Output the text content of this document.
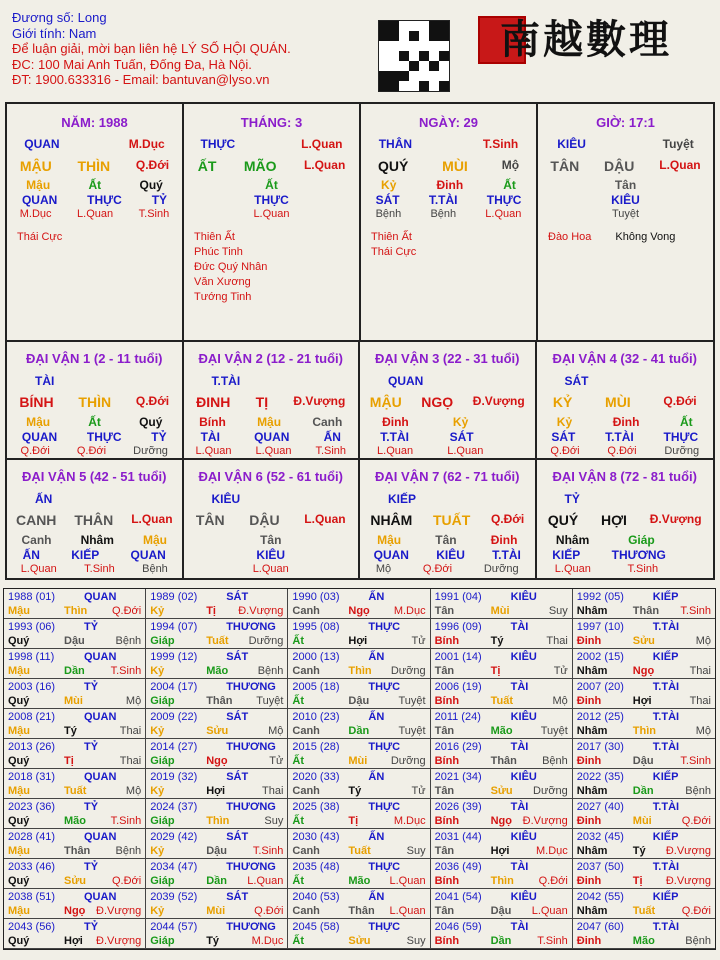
Đương số: Long
Giới tính: Nam
Để luận giải, mời bạn liên hệ LÝ SỐ HỘI QUÁN.
ĐC: 100 Mai Anh Tuấn, Đống Đa, Hà Nội.
ĐT: 1900.633316 - Email: bantuvan@lyso.vn
南越數理
NĂM: 1988
QUAN	M.Dục
MẬU THÌN Q.Đới
Mậu	Ất	Quý
QUAN THỰC TỶ
M.Dục L.Quan T.Sinh
Thái Cực
THÁNG: 3
THỰC	L.Quan
ẤT MÃO L.Quan
Ất
THỰC
L.Quan
Thiên Ất
Phúc Tinh
Đức Quý Nhân
Văn Xương
Tướng Tinh
NGÀY: 29
THÂN	T.Sinh
QUÝ MÙI	Mộ
Kỷ	Đinh	Ất
SÁT T.TÀI THỰC
Bệnh	Bệnh	L.Quan
Thiên Ất
Thái Cực
GIỜ: 17:1
KIÊU	Tuyệt
TÂN DẬU L.Quan
Tân
KIÊU
Tuyệt
Đào Hoa Không Vong
ĐẠI VẬN 1 (2 - 11 tuổi)
TÀI
BÍNH THÌN Q.Đới
Mậu	Ất	Quý
QUAN THỰC TỶ
Q.Đới Q.Đới Dưỡng
ĐẠI VẬN 2 (12 - 21 tuổi)
T.TÀI
ĐINH TỊ Đ.Vượng
Bính	Mậu	Canh
TÀI	QUAN	ẤN
L.Quan L.Quan T.Sinh
ĐẠI VẬN 3 (22 - 31 tuổi)
QUAN
MẬU NGỌ Đ.Vượng
Đinh	Kỷ
T.TÀI	SÁT
L.Quan	L.Quan
ĐẠI VẬN 4 (32 - 41 tuổi)
SÁT
KỶ MÙI	Q.Đới
Kỷ	Đinh	Ất
SÁT T.TÀI THỰC
Q.Đới	Q.Đới	Dưỡng
ĐẠI VẬN 5 (42 - 51 tuổi)
ẤN
CANH THÂN L.Quan
Canh Nhâm Mậu
ẤN	KIẾP	QUAN
L.Quan T.Sinh Bệnh
ĐẠI VẬN 6 (52 - 61 tuổi)
KIÊU
TÂN DẬU L.Quan
Tân
KIÊU
L.Quan
ĐẠI VẬN 7 (62 - 71 tuổi)
KIẾP
NHÂM TUẤT Q.Đới
Mậu	Tân	Đinh
QUAN KIÊU T.TÀI
Mộ	Q.Đới	Dưỡng
ĐẠI VẬN 8 (72 - 81 tuổi)
TỶ
QUÝ HỢI Đ.Vượng
Nhâm	Giáp
KIẾP	THƯƠNG
L.Quan	T.Sinh
1988 (01)	QUAN
Mậu	Thìn Q.Đới
1989 (02)	SÁT
Kỷ	Tị Đ.Vượng
1990 (03)	ẤN
Canh	Ngọ M.Dục
1991 (04)	KIÊU
Tân	Mùi	Suy
1992 (05)	KIẾP
Nhâm Thân T.Sinh
1993 (06)	TỶ
Quý	Dậu	Bệnh
1994 (07)	THƯƠNG
Giáp	Tuất Dưỡng
1995 (08)	THỰC
Ất	Hợi	Tử
1996 (09)	TÀI
Bính	Tý	Thai
1997 (10)	T.TÀI
Đinh	Sửu	Mộ
1998 (11)	QUAN
Mậu	Dần T.Sinh
1999 (12)	SÁT
Kỷ	Mão	Bệnh
2000 (13)	ẤN
Canh	Thìn Dưỡng
2001 (14)	KIÊU
Tân	Tị	Tử
2002 (15)	KIẾP
Nhâm Ngọ	Thai
2003 (16)	TỶ
Quý	Mùi	Mộ
2004 (17)	THƯƠNG
Giáp	Thân Tuyệt
2005 (18)	THỰC
Ất	Dậu	Tuyệt
2006 (19)	TÀI
Bính	Tuất	Mộ
2007 (20)	T.TÀI
Đinh	Hợi	Thai
2008 (21)	QUAN
Mậu	Tý	Thai
2009 (22)	SÁT
Kỷ	Sửu	Mộ
2010 (23)	ẤN
Canh	Dần	Tuyệt
2011 (24)	KIÊU
Tân	Mão	Tuyệt
2012 (25)	T.TÀI
Nhâm Thìn	Mộ
2013 (26)	TỶ
Quý	Tị	Thai
2014 (27)	THƯƠNG
Giáp	Ngọ	Tử
2015 (28)	THỰC
Ất	Mùi Dưỡng
2016 (29)	TÀI
Bính	Thân Bệnh
2017 (30)	T.TÀI
Đinh	Dậu T.Sinh
2018 (31)	QUAN
Mậu	Tuất	Mộ
2019 (32)	SÁT
Kỷ	Hợi	Thai
2020 (33)	ẤN
Canh	Tý	Tử
2021 (34)	KIÊU
Tân	Sửu Dưỡng
2022 (35)	KIẾP
Nhâm Dần	Bệnh
2023 (36)	TỶ
Quý	Mão T.Sinh
2024 (37)	THƯƠNG
Giáp	Thìn	Suy
2025 (38)	THỰC
Ất	Tị	M.Dục
2026 (39)	TÀI
Bính	Ngọ Đ.Vượng
2027 (40)	T.TÀI
Đinh	Mùi	Q.Đới
2028 (41)	QUAN
Mậu	Thân Bệnh
2029 (42)	SÁT
Kỷ	Dậu T.Sinh
2030 (43)	ẤN
Canh	Tuất	Suy
2031 (44)	KIÊU
Tân	Hợi M.Dục
2032 (45)	KIẾP
Nhâm Tý Đ.Vượng
2033 (46)	TỶ
Quý	Sửu Q.Đới
2034 (47)	THƯƠNG
Giáp	Dần L.Quan
2035 (48)	THỰC
Ất	Mão L.Quan
2036 (49)	TÀI
Bính	Thìn Q.Đới
2037 (50)	T.TÀI
Đinh	Tị Đ.Vượng
2038 (51)	QUAN
Mậu	Ngọ Đ.Vượng
2039 (52)	SÁT
Kỷ	Mùi	Q.Đới
2040 (53)	ẤN
Canh	Thân L.Quan
2041 (54)	KIÊU
Tân	Dậu L.Quan
2042 (55)	KIẾP
Nhâm Tuất Q.Đới
2043 (56)	TỶ
Quý	Hợi Đ.Vượng
2044 (57)	THƯƠNG
Giáp	Tý	M.Dục
2045 (58)	THỰC
Ất	Sửu	Suy
2046 (59)	TÀI
Bính	Dần T.Sinh
2047 (60)	T.TÀI
Đinh	Mão	Bệnh
